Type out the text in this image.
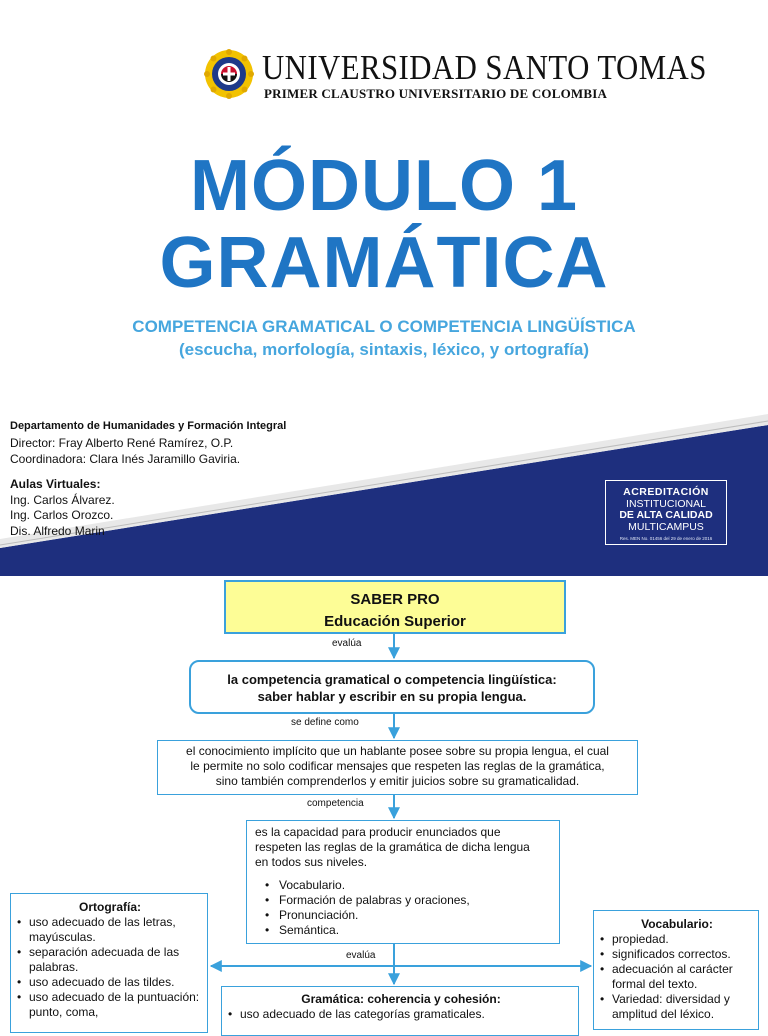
UNIVERSIDAD SANTO TOMAS
PRIMER CLAUSTRO UNIVERSITARIO DE COLOMBIA
MÓDULO 1
GRAMÁTICA
COMPETENCIA GRAMATICAL O COMPETENCIA LINGÜÍSTICA
(escucha, morfología, sintaxis, léxico, y ortografía)
Departamento de Humanidades y Formación Integral
Director: Fray Alberto René Ramírez, O.P.
Coordinadora: Clara Inés Jaramillo Gaviria.
Aulas Virtuales:
Ing. Carlos Álvarez.
Ing. Carlos Orozco.
Dis. Alfredo Marin
ACREDITACIÓN
INSTITUCIONAL
DE ALTA CALIDAD
MULTICAMPUS
Res. MEN No. 01456 del 29 de enero de 2016
SABER PRO
Educación Superior
evalúa
la competencia gramatical o competencia lingüística:
saber hablar y escribir en su propia lengua.
se define como
el conocimiento implícito que un hablante posee sobre su propia lengua, el cual
le permite no solo codificar mensajes que respeten las reglas de la gramática,
sino también comprenderlos y emitir juicios sobre su gramaticalidad.
competencia
es la capacidad para producir enunciados que
respeten las reglas de la gramática de dicha lengua
en todos sus niveles.
• Vocabulario.
• Formación de palabras y oraciones,
• Pronunciación.
• Semántica.
evalúa
Ortografía:
• uso adecuado de las letras, mayúsculas.
• separación adecuada de las palabras.
• uso adecuado de las tildes.
• uso adecuado de la puntuación: punto, coma,
Vocabulario:
• propiedad.
• significados correctos.
• adecuación al carácter formal del texto.
• Variedad: diversidad y amplitud del léxico.
Gramática: coherencia y cohesión:
• uso adecuado de las categorías gramaticales.
